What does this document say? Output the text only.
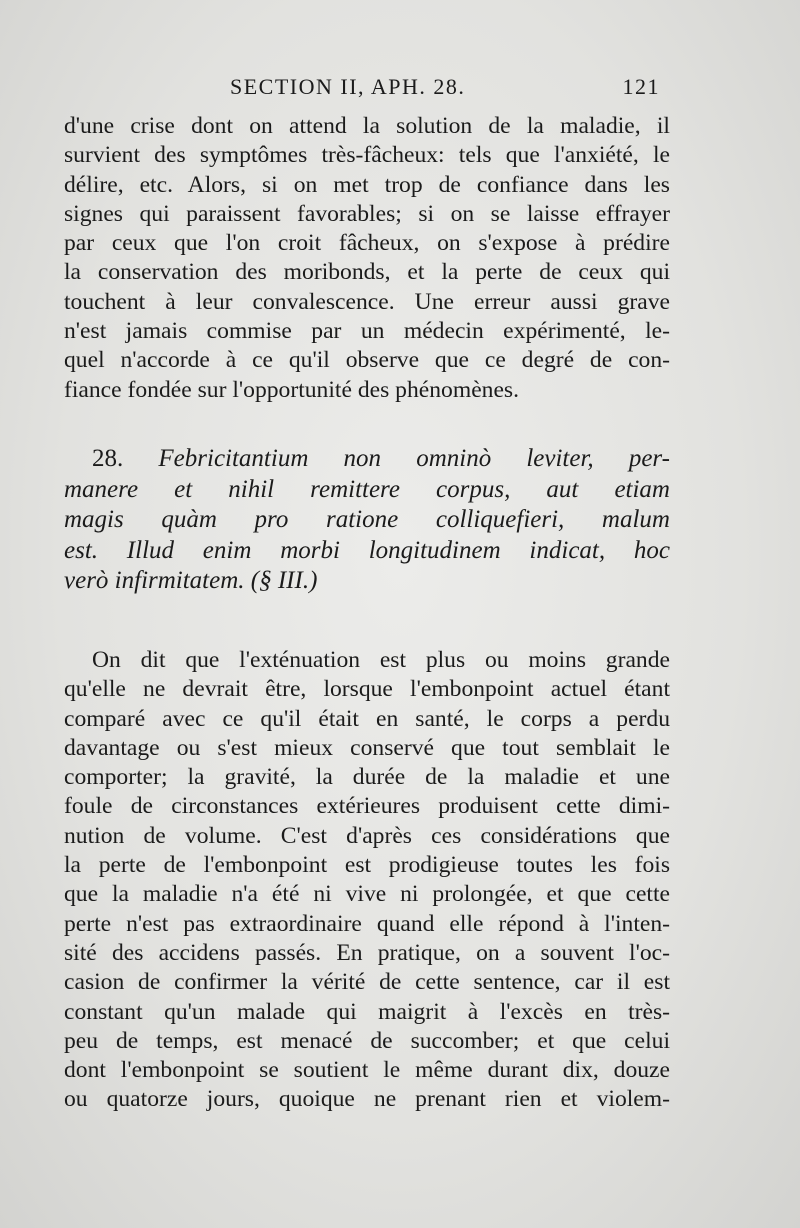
SECTION II, APH. 28.	121
d'une crise dont on attend la solution de la maladie, il
survient des symptômes très-fâcheux: tels que l'anxiété, le
délire, etc. Alors, si on met trop de confiance dans les
signes qui paraissent favorables; si on se laisse effrayer
par ceux que l'on croit fâcheux, on s'expose à prédire
la conservation des moribonds, et la perte de ceux qui
touchent à leur convalescence. Une erreur aussi grave
n'est jamais commise par un médecin expérimenté, le-
quel n'accorde à ce qu'il observe que ce degré de con-
fiance fondée sur l'opportunité des phénomènes.
28. Febricitantium non omninò leviter, per-
manere et nihil remittere corpus, aut etiam
magis quàm pro ratione colliquefieri, malum
est. Illud enim morbi longitudinem indicat, hoc
verò infirmitatem. (§ III.)
On dit que l'exténuation est plus ou moins grande
qu'elle ne devrait être, lorsque l'embonpoint actuel étant
comparé avec ce qu'il était en santé, le corps a perdu
davantage ou s'est mieux conservé que tout semblait le
comporter; la gravité, la durée de la maladie et une
foule de circonstances extérieures produisent cette dimi-
nution de volume. C'est d'après ces considérations que
la perte de l'embonpoint est prodigieuse toutes les fois
que la maladie n'a été ni vive ni prolongée, et que cette
perte n'est pas extraordinaire quand elle répond à l'inten-
sité des accidens passés. En pratique, on a souvent l'oc-
casion de confirmer la vérité de cette sentence, car il est
constant qu'un malade qui maigrit à l'excès en très-
peu de temps, est menacé de succomber; et que celui
dont l'embonpoint se soutient le même durant dix, douze
ou quatorze jours, quoique ne prenant rien et violem-
